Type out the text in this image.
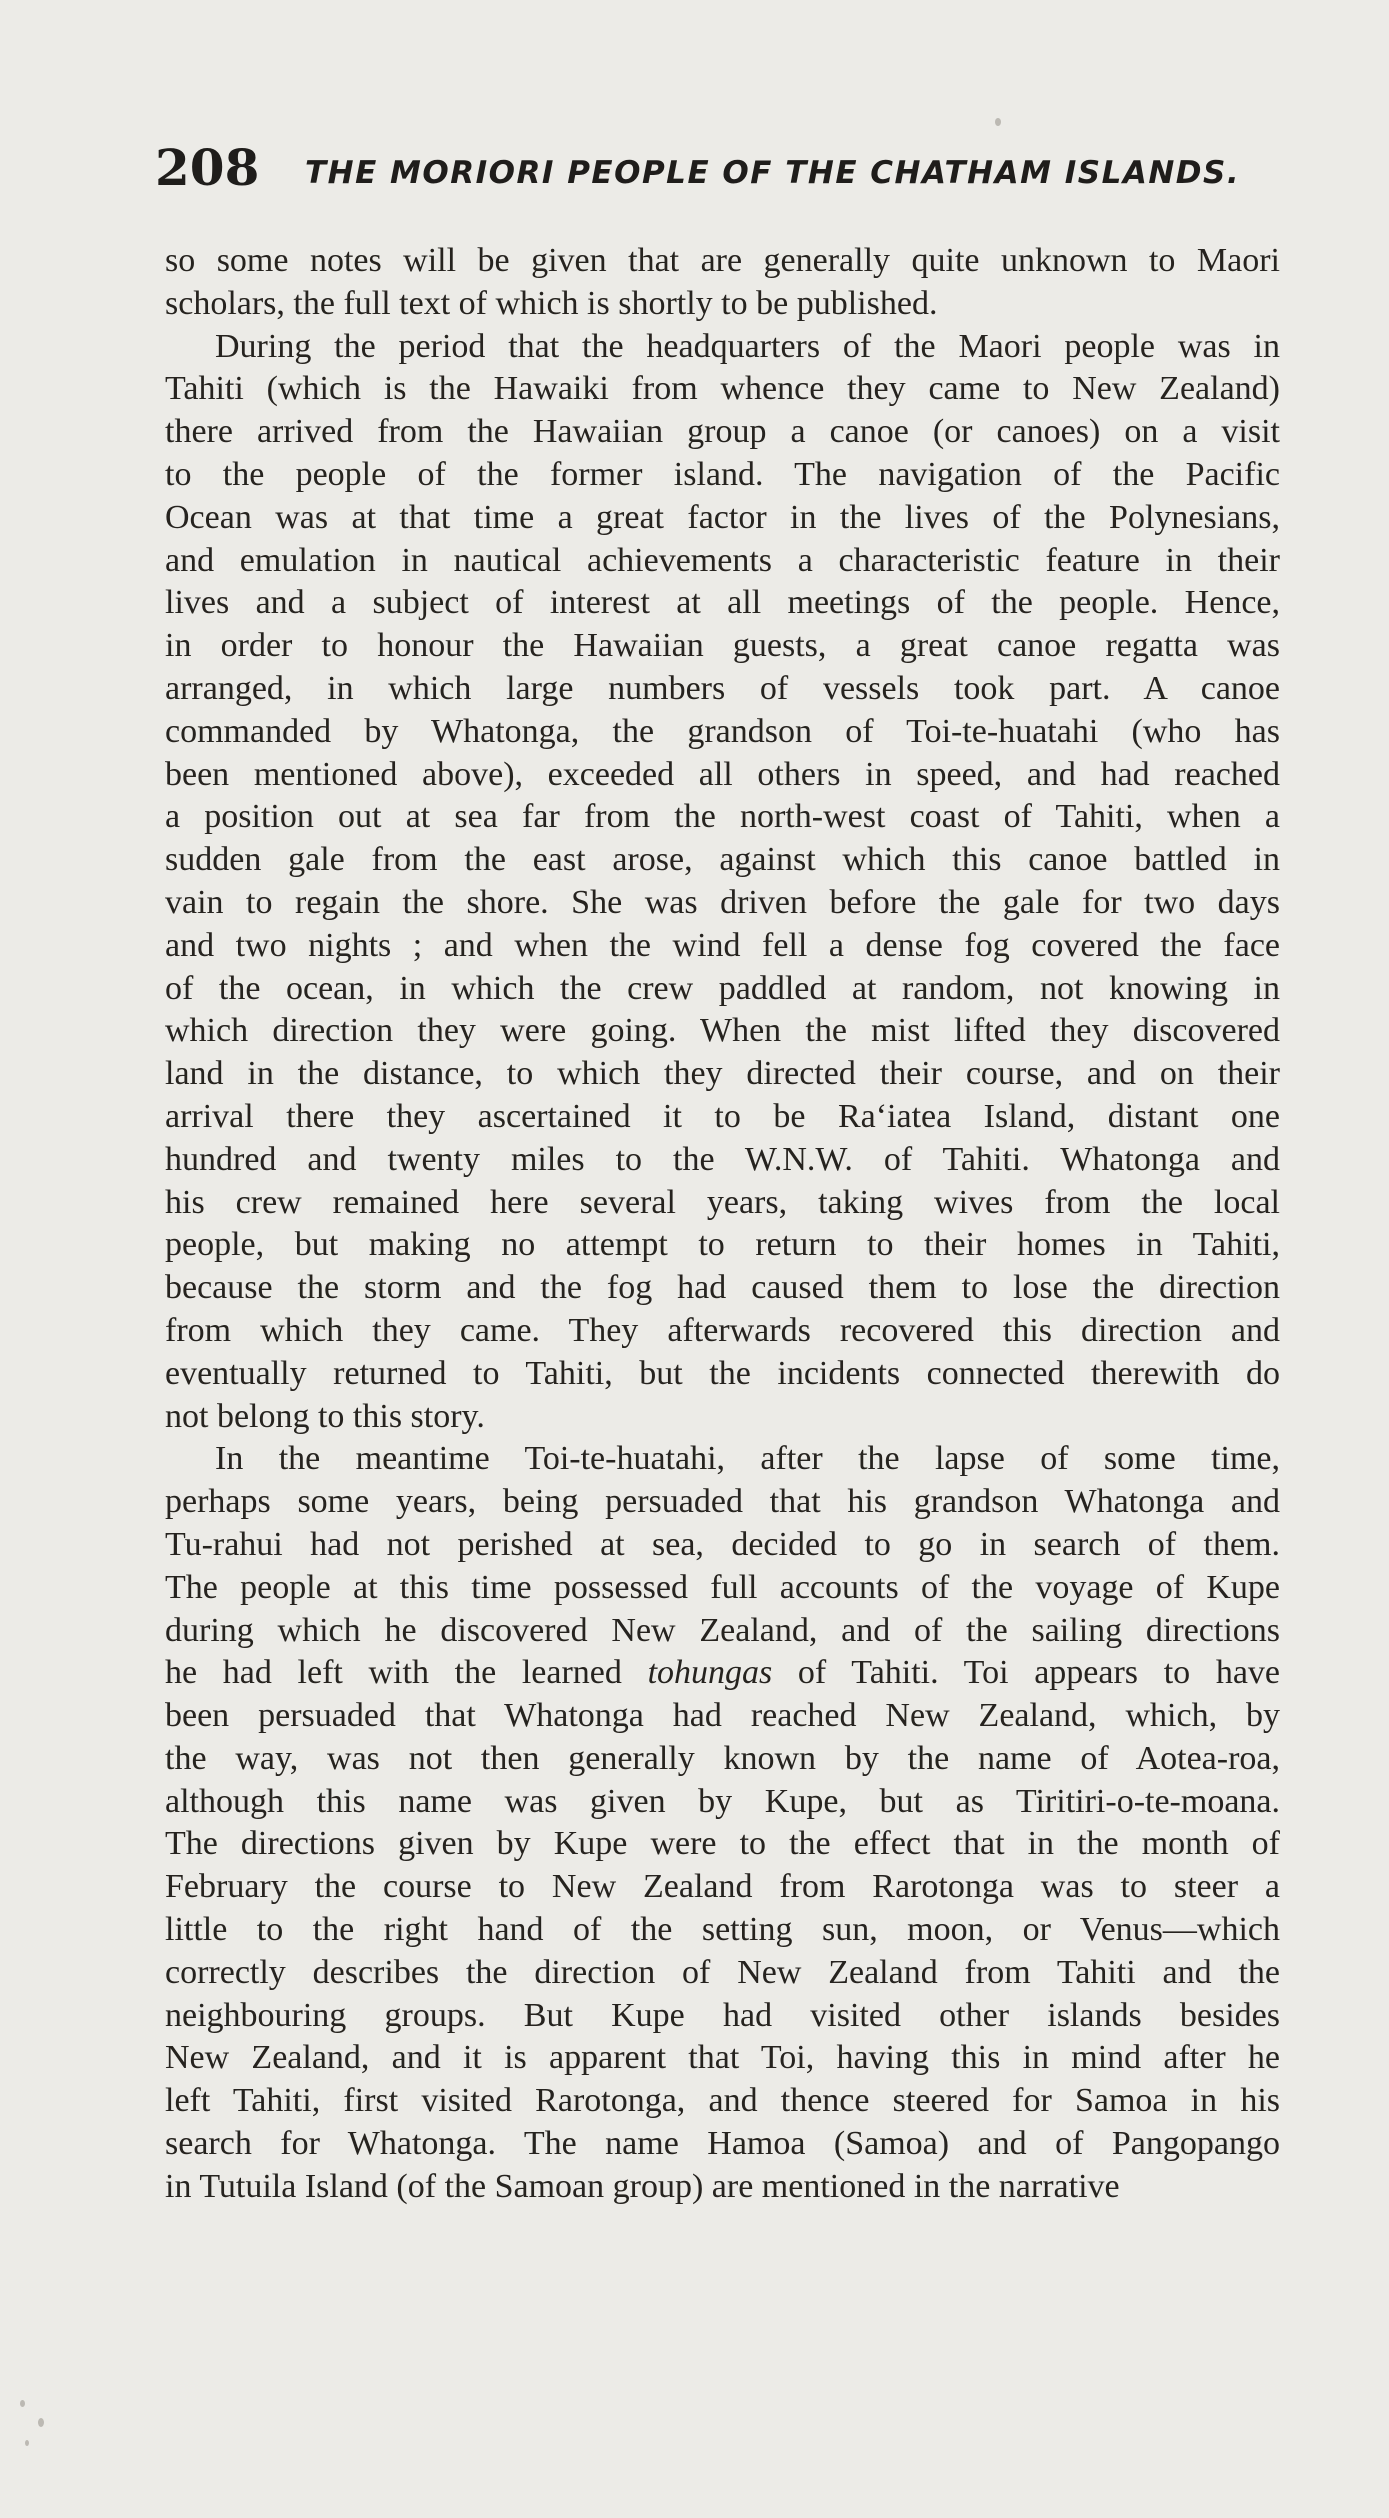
208 THE MORIORI PEOPLE OF THE CHATHAM ISLANDS.
so some notes will be given that are generally quite unknown to Maori
scholars, the full text of which is shortly to be published.
During the period that the headquarters of the Maori people was in
Tahiti (which is the Hawaiki from whence they came to New Zealand)
there arrived from the Hawaiian group a canoe (or canoes) on a visit
to the people of the former island. The navigation of the Pacific
Ocean was at that time a great factor in the lives of the Polynesians,
and emulation in nautical achievements a characteristic feature in their
lives and a subject of interest at all meetings of the people. Hence,
in order to honour the Hawaiian guests, a great canoe regatta was
arranged, in which large numbers of vessels took part. A canoe
commanded by Whatonga, the grandson of Toi-te-huatahi (who has
been mentioned above), exceeded all others in speed, and had reached
a position out at sea far from the north-west coast of Tahiti, when a
sudden gale from the east arose, against which this canoe battled in
vain to regain the shore. She was driven before the gale for two days
and two nights ; and when the wind fell a dense fog covered the face
of the ocean, in which the crew paddled at random, not knowing in
which direction they were going. When the mist lifted they discovered
land in the distance, to which they directed their course, and on their
arrival there they ascertained it to be Ra‘iatea Island, distant one
hundred and twenty miles to the W.N.W. of Tahiti. Whatonga and
his crew remained here several years, taking wives from the local
people, but making no attempt to return to their homes in Tahiti,
because the storm and the fog had caused them to lose the direction
from which they came. They afterwards recovered this direction and
eventually returned to Tahiti, but the incidents connected therewith do
not belong to this story.
In the meantime Toi-te-huatahi, after the lapse of some time,
perhaps some years, being persuaded that his grandson Whatonga and
Tu-rahui had not perished at sea, decided to go in search of them.
The people at this time possessed full accounts of the voyage of Kupe
during which he discovered New Zealand, and of the sailing directions
he had left with the learned tohungas of Tahiti. Toi appears to have
been persuaded that Whatonga had reached New Zealand, which, by
the way, was not then generally known by the name of Aotea-roa,
although this name was given by Kupe, but as Tiritiri-o-te-moana.
The directions given by Kupe were to the effect that in the month of
February the course to New Zealand from Rarotonga was to steer a
little to the right hand of the setting sun, moon, or Venus—which
correctly describes the direction of New Zealand from Tahiti and the
neighbouring groups. But Kupe had visited other islands besides
New Zealand, and it is apparent that Toi, having this in mind after he
left Tahiti, first visited Rarotonga, and thence steered for Samoa in his
search for Whatonga. The name Hamoa (Samoa) and of Pangopango
in Tutuila Island (of the Samoan group) are mentioned in the narrative
